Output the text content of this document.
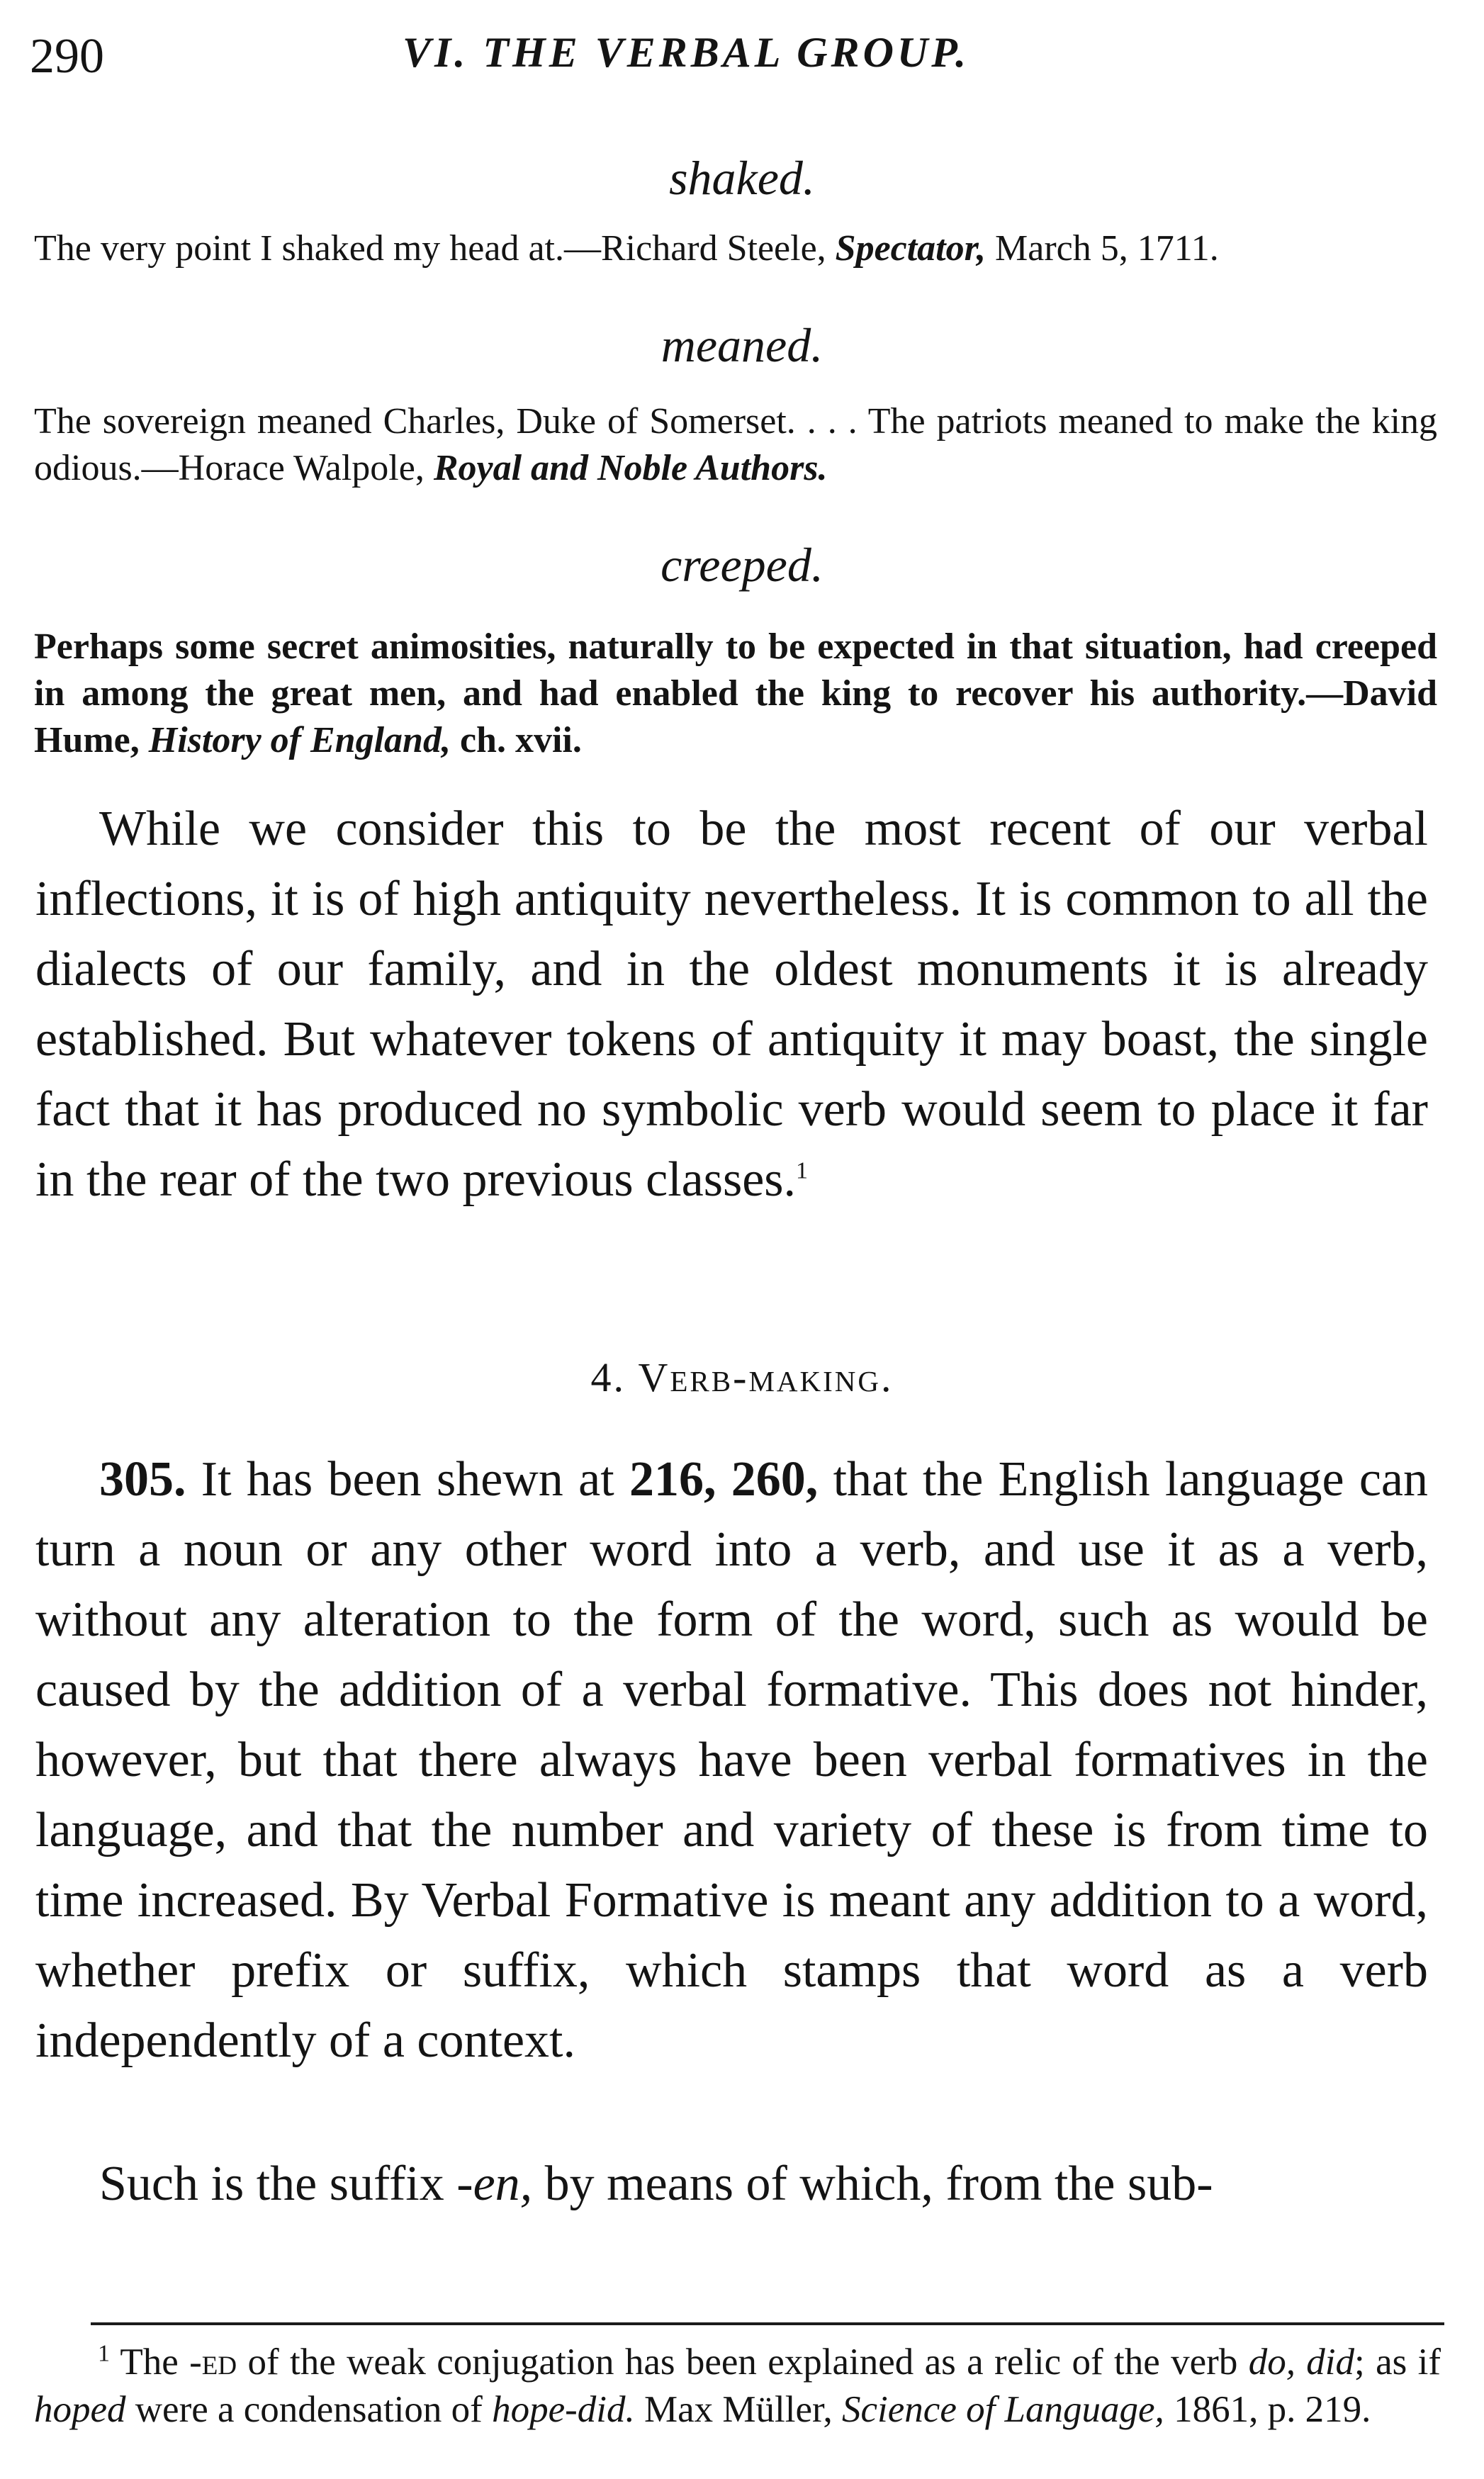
290	VI. THE VERBAL GROUP.
shaked.
The very point I shaked my head at.—Richard Steele, Spectator, March 5, 1711.
meaned.
The sovereign meaned Charles, Duke of Somerset. . . . The patriots meaned to make the king odious.—Horace Walpole, Royal and Noble Authors.
creeped.
Perhaps some secret animosities, naturally to be expected in that situation, had creeped in among the great men, and had enabled the king to recover his authority.—David Hume, History of England, ch. xvii.
While we consider this to be the most recent of our verbal inflections, it is of high antiquity nevertheless. It is common to all the dialects of our family, and in the oldest monuments it is already established. But whatever tokens of antiquity it may boast, the single fact that it has produced no symbolic verb would seem to place it far in the rear of the two previous classes.$^1$
4. Verb-making.
305. It has been shewn at 216, 260, that the English language can turn a noun or any other word into a verb, and use it as a verb, without any alteration to the form of the word, such as would be caused by the addition of a verbal formative. This does not hinder, however, but that there always have been verbal formatives in the language, and that the number and variety of these is from time to time increased. By Verbal Formative is meant any addition to a word, whether prefix or suffix, which stamps that word as a verb independently of a context.
Such is the suffix -en, by means of which, from the sub-
$^1$ The -ed of the weak conjugation has been explained as a relic of the verb do, did; as if hoped were a condensation of hope-did. Max Müller, Science of Language, 1861, p. 219.
